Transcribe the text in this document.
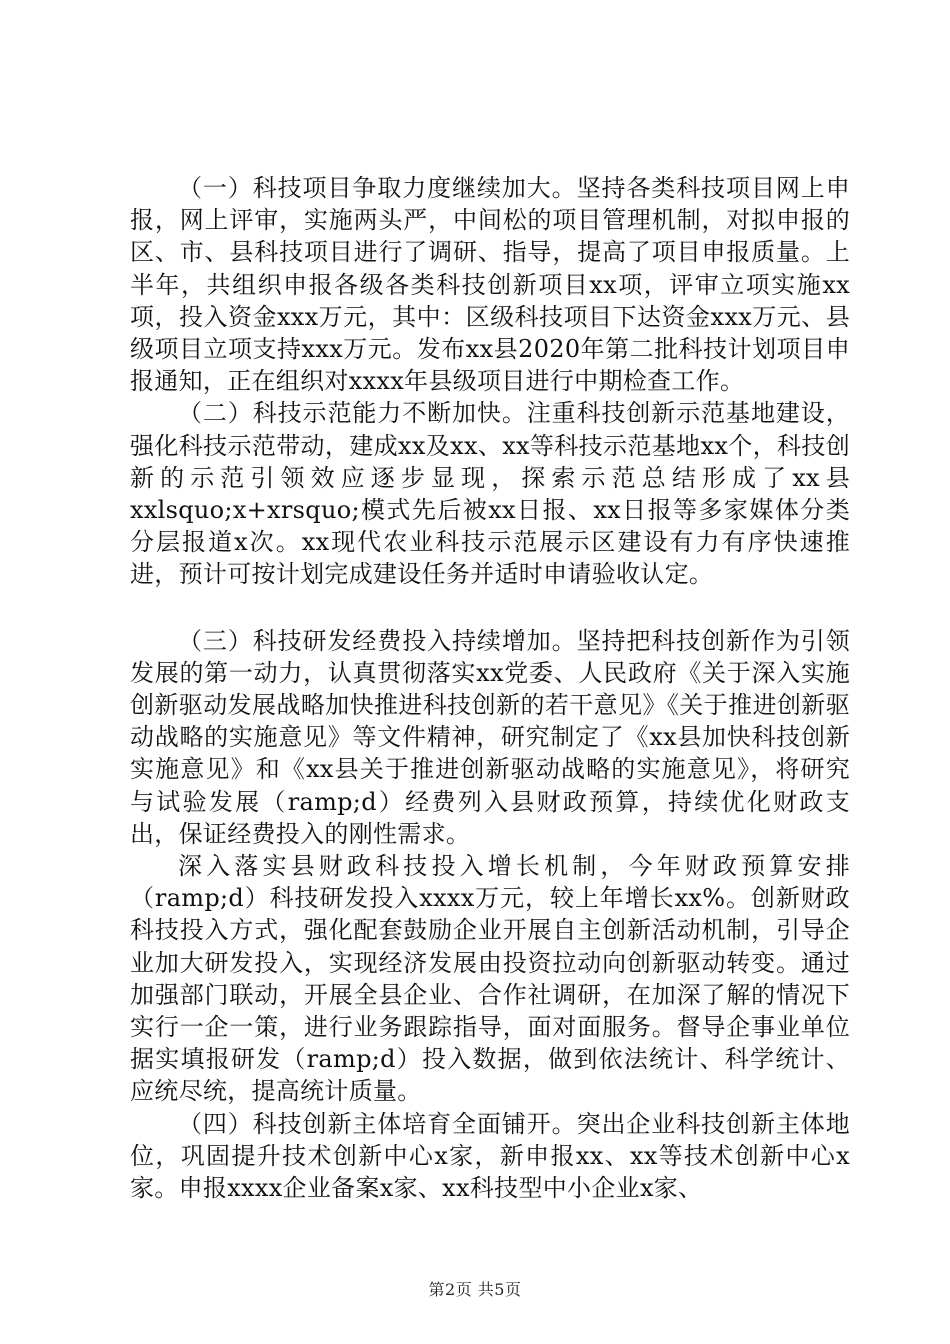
（一）科技项目争取力度继续加大。坚持各类科技项目网上申报，网上评审，实施两头严，中间松的项目管理机制，对拟申报的区、市、县科技项目进行了调研、指导，提高了项目申报质量。上半年，共组织申报各级各类科技创新项目xx项，评审立项实施xx项，投入资金xxx万元，其中：区级科技项目下达资金xxx万元、县级项目立项支持xxx万元。发布xx县2020年第二批科技计划项目申报通知，正在组织对xxxx年县级项目进行中期检查工作。

（二）科技示范能力不断加快。注重科技创新示范基地建设，强化科技示范带动，建成xx及xx、xx等科技示范基地xx个，科技创新的示范引领效应逐步显现，探索示范总结形成了xx县xxlsquo;x+xrsquo;模式先后被xx日报、xx日报等多家媒体分类分层报道x次。xx现代农业科技示范展示区建设有力有序快速推进，预计可按计划完成建设任务并适时申请验收认定。

（三）科技研发经费投入持续增加。坚持把科技创新作为引领发展的第一动力，认真贯彻落实xx党委、人民政府《关于深入实施创新驱动发展战略加快推进科技创新的若干意见》《关于推进创新驱动战略的实施意见》等文件精神，研究制定了《xx县加快科技创新实施意见》和《xx县关于推进创新驱动战略的实施意见》，将研究与试验发展（ramp;d）经费列入县财政预算，持续优化财政支出，保证经费投入的刚性需求。

深入落实县财政科技投入增长机制，今年财政预算安排（ramp;d）科技研发投入xxxx万元，较上年增长xx%。创新财政科技投入方式，强化配套鼓励企业开展自主创新活动机制，引导企业加大研发投入，实现经济发展由投资拉动向创新驱动转变。通过加强部门联动，开展全县企业、合作社调研，在加深了解的情况下实行一企一策，进行业务跟踪指导，面对面服务。督导企事业单位据实填报研发（ramp;d）投入数据，做到依法统计、科学统计、应统尽统，提高统计质量。

（四）科技创新主体培育全面铺开。突出企业科技创新主体地位，巩固提升技术创新中心x家，新申报xx、xx等技术创新中心x家。申报xxxx企业备案x家、xx科技型中小企业x家、

第2页 共5页
